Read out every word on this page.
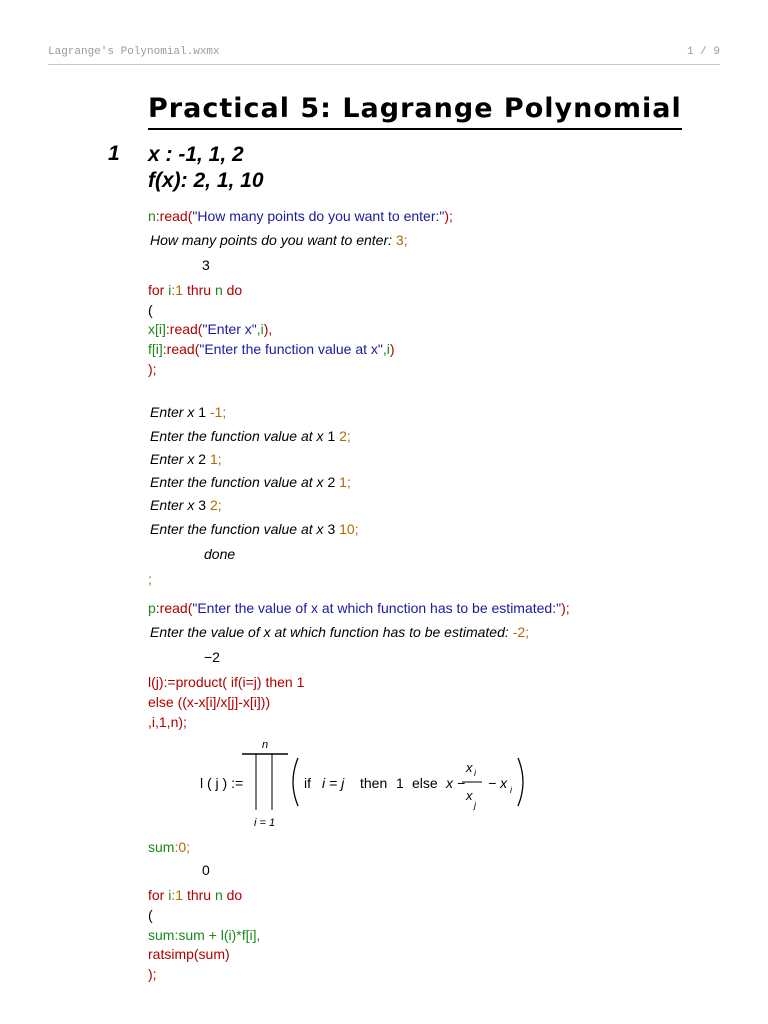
Lagrange's Polynomial.wxmx	1 / 9
Practical 5: Lagrange Polynomial
1 x : -1, 1, 2
f(x): 2, 1, 10
n:read("How many points do you want to enter:");
How many points do you want to enter: 3;
3
for i:1 thru n do
(
x[i]:read("Enter x",i),
f[i]:read("Enter the function value at x",i)
);
Enter x 1 -1;
Enter the function value at x 1 2;
Enter x 2 1;
Enter the function value at x 2 1;
Enter x 3 2;
Enter the function value at x 3 10;
done
;
p:read("Enter the value of x at which function has to be estimated:");
Enter the value of x at which function has to be estimated: -2;
−2
l(j):=product( if(i=j) then 1
else ((x-x[i]/x[j]-x[i]))
,i,1,n);
l ( j ) :=
n
i = 1
if i = j then 1 else x −
x i
x
j
− x i
sum:0;
0
for i:1 thru n do
(
sum:sum + l(i)*f[i],
ratsimp(sum)
);
